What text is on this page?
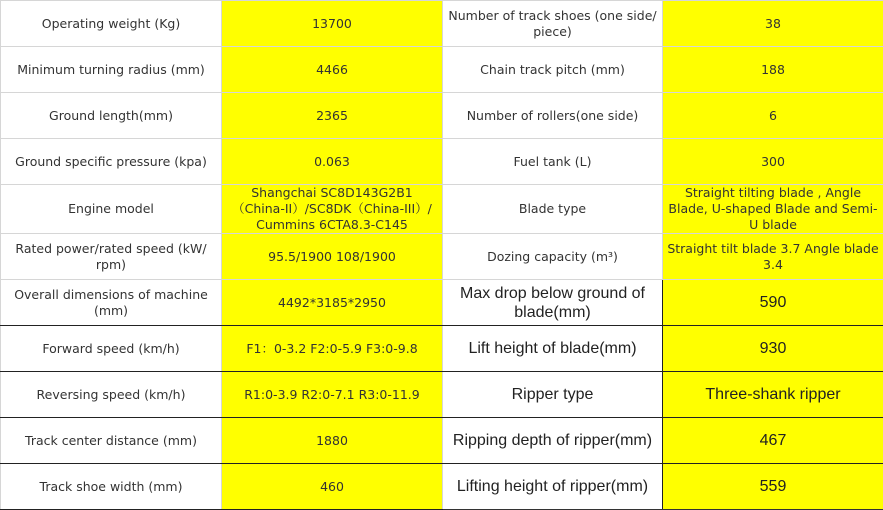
Operating weight (Kg)	13700	Number of track shoes (one side/ piece)	38
Minimum turning radius (mm)	4466	Chain track pitch (mm)	188
Ground length(mm)	2365	Number of rollers(one side)	6
Ground specific pressure (kpa)	0.063	Fuel tank (L)	300
Engine model	Shangchai SC8D143G2B1（China-II）/SC8DK（China-III）/ Cummins 6CTA8.3-C145	Blade type	Straight tilting blade , Angle Blade, U-shaped Blade and Semi-U blade
Rated power/rated speed (kW/ rpm)	95.5/1900 108/1900	Dozing capacity (m³)	Straight tilt blade 3.7 Angle blade 3.4
Overall dimensions of machine (mm)	4492*3185*2950	Max drop below ground of blade(mm)	590
Forward speed (km/h)	F1：0-3.2 F2:0-5.9 F3:0-9.8	Lift height of blade(mm)	930
Reversing speed (km/h)	R1:0-3.9 R2:0-7.1 R3:0-11.9	Ripper type	Three-shank ripper
Track center distance (mm)	1880	Ripping depth of ripper(mm)	467
Track shoe width (mm)	460	Lifting height of ripper(mm)	559
